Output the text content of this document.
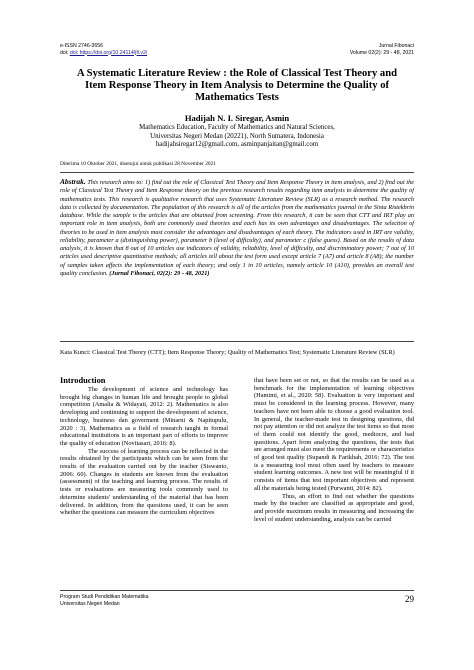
e-ISSN 2746-3656
doi: doi: https://doi.org/10.24114/jfi.v2i
Jurnal Fibonaci
Volume 02(2): 29 - 48, 2021
A Systematic Literature Review : the Role of Classical Test Theory and
Item Response Theory in Item Analysis to Determine the Quality of
Mathematics Tests
Hadijah N. I. Siregar, Asmin
Mathematics Education, Faculty of Mathematics and Natural Sciences,
Universitas Negeri Medan (20221), North Sumatera, Indonesia
hadijahsiregar12@gmail.com, asminpanjaitan@gmail.com
Diterima 10 Oktober 2021, disetujui untuk publikasi 28 November 2021
Abstrak. This research aims to: 1) find out the role of Classical Test Theory and Item Response Theory in item analysis, and 2) find out the role of Classical Test Theory and Item Response theory on the previous research results regarding item analysis to determine the quality of mathematics tests. This research is qualitative research that uses Systematic Literature Review (SLR) as a research method. The research data is collected by documentation. The population of this research is all of the articles from the mathematics journal in the Sinta Ristekbrin database. While the sample is the articles that are obtained from screening. From this research, it can be seen that CTT and IRT play an important role in item analysis, both are commonly used theories and each has its own advantages and disadvantages. The selection of theories to be used in item analysis must consider the advantages and disadvantages of each theory. The indicators used in IRT are validity, reliability, parameter a (distinguishing power), parameter b (level of difficulty), and parameter c (false guess). Based on the results of data analysis, it is known that 8 out of 10 articles use indicators of validity, reliability, level of difficulty, and discriminatory power; 7 out of 10 articles used descriptive quantitative methods; all articles tell about the test form used except article 7 (A7) and article 8 (A8); the number of samples taken affects the implementation of each theory; and only 1 in 10 articles, namely article 10 (A10), provides an overall test quality conclusion. (Jurnal Fibonaci, 02(2): 29 - 48, 2021)
Kata Kunci: Classical Test Theory (CTT); Item Response Theory; Quality of Mathematics Test; Systematic Literature Review (SLR)
Introduction

The development of science and technology has brought big changes in human life and brought people to global competition (Amalia & Widayati, 2012: 2). Mathematics is also developing and continuing to support the development of science, technology, business dan goverment (Minarni & Napitupulu, 2020 : 3). Mathematics as a field of research taught in formal educational institutions is an important part of efforts to improve the quality of education (Novitasari, 2016: 8).

The success of learning process can be reflected in the results obtained by the participants which can be seen from the results of the evaluation carried out by the teacher (Siswanto, 2006: 60). Changes in students are known from the evaluation (assessment) of the teaching and learning process. The results of tests or evaluations are measuring tools commonly used to determine students' understanding of the material that has been delivered. In addition, from the questions used, it can be seen whether the questions can measure the curriculum objectives

that have been set or not, so that the results can be used as a benchmark for the implementation of learning objectives (Hamimi, et al., 2020: 58). Evaluation is very important and must be considered in the learning process. However, many teachers have not been able to choose a good evaluation tool. In general, the teacher-made test in designing questions, did not pay attention or did not analyze the test items so that most of them could not identify the good, mediocre, and bad questions. Apart from analyzing the questions, the tests that are arranged must also meet the requirements or characteristics of good test quality (Supandi & Farikhah, 2016: 72). The test is a measuring tool most often used by teachers to measure student learning outcomes. A new test will be meaningful if it consists of items that test important objectives and represent all the materials being tested (Purwanti, 2014: 82).

Thus, an effort to find out whether the questions made by the teacher are classified as appropriate and good, and provide maximum results in measuring and increasing the level of student understanding, analysis can be carried

Program Studi Pendidikan Matematika
Universitas Negeri Medan	29
